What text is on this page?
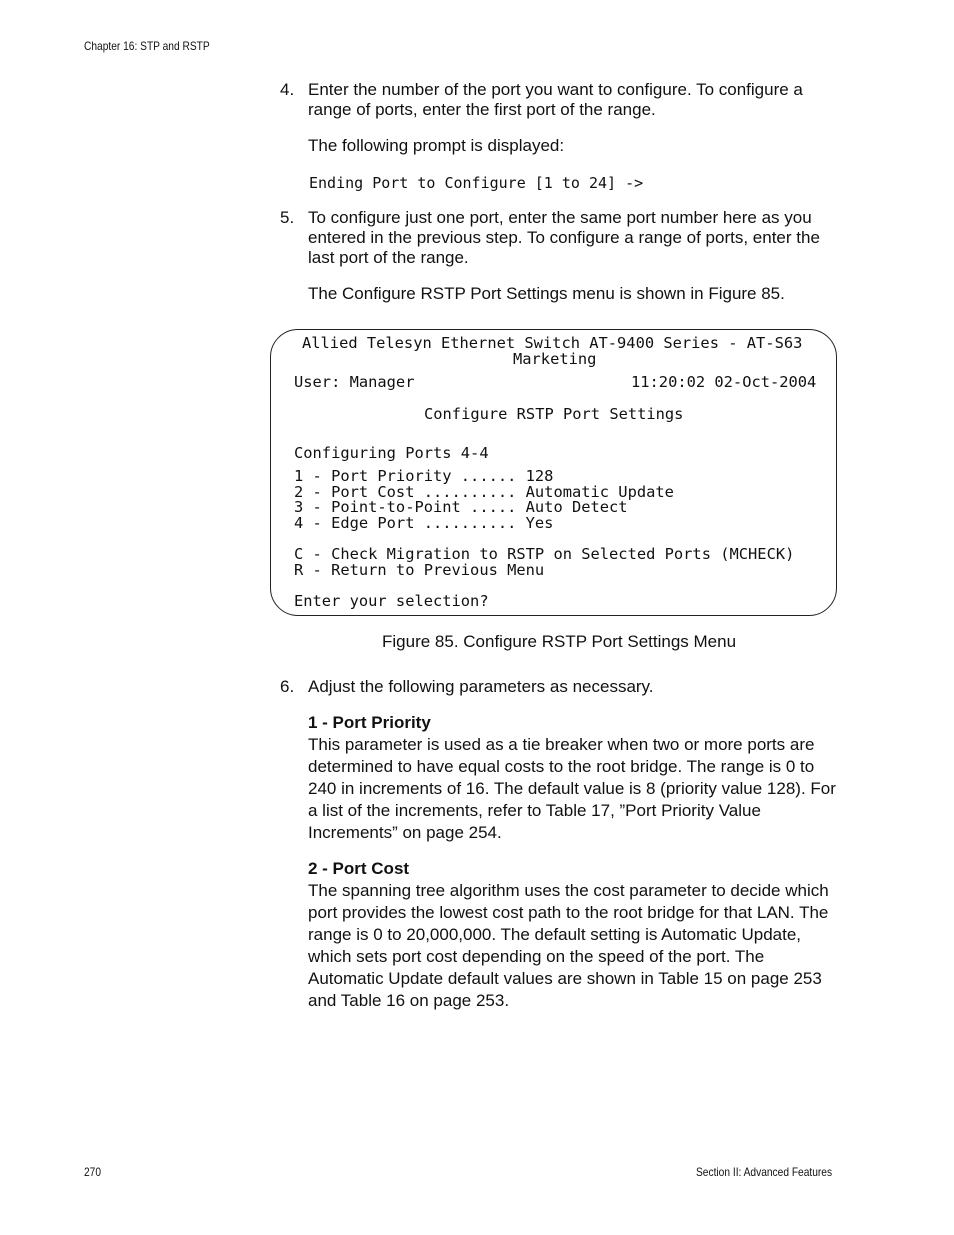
Chapter 16: STP and RSTP
4. Enter the number of the port you want to configure. To configure a range of ports, enter the first port of the range.
The following prompt is displayed:
Ending Port to Configure [1 to 24] ->
5. To configure just one port, enter the same port number here as you entered in the previous step. To configure a range of ports, enter the last port of the range.
The Configure RSTP Port Settings menu is shown in Figure 85.
Allied Telesyn Ethernet Switch AT-9400 Series - AT-S63
Marketing
User: Manager	11:20:02 02-Oct-2004
Configure RSTP Port Settings
Configuring Ports 4-4
1 - Port Priority ...... 128
2 - Port Cost .......... Automatic Update
3 - Point-to-Point ..... Auto Detect
4 - Edge Port .......... Yes
C - Check Migration to RSTP on Selected Ports (MCHECK)
R - Return to Previous Menu
Enter your selection?
Figure 85. Configure RSTP Port Settings Menu
6. Adjust the following parameters as necessary.
1 - Port Priority
This parameter is used as a tie breaker when two or more ports are determined to have equal costs to the root bridge. The range is 0 to 240 in increments of 16. The default value is 8 (priority value 128). For a list of the increments, refer to Table 17, ”Port Priority Value Increments” on page 254.
2 - Port Cost
The spanning tree algorithm uses the cost parameter to decide which port provides the lowest cost path to the root bridge for that LAN. The range is 0 to 20,000,000. The default setting is Automatic Update, which sets port cost depending on the speed of the port. The Automatic Update default values are shown in Table 15 on page 253 and Table 16 on page 253.
270	Section II: Advanced Features
